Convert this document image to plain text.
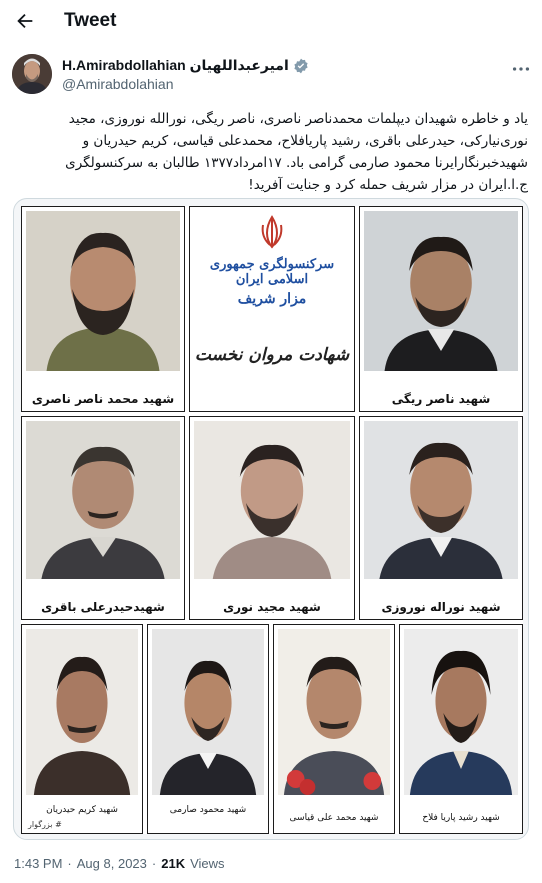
Tweet
H.Amirabdollahian امیرعبداللهیان
@Amirabdolahian
یاد و خاطره شهیدان دیپلمات محمدناصر ناصری، ناصر ریگی، نورالله نوروزی، مجید نوری‌نیارکی، حیدرعلی باقری، رشید پاریافلاح، محمدعلی قیاسی، کریم حیدریان و شهیدخبرنگارایرنا محمود صارمی گرامی باد. ۱۷امرداد۱۳۷۷ طالبان به سرکنسولگری ج.ا.ایران در مزار شریف حمله کرد و جنایت آفرید!
شهید محمد ناصر ناصری
سرکنسولگری جمهوری اسلامی ایران
مزار شریف
شهادت مروان نخست
شهید ناصر ریگی
شهیدحیدرعلی باقری	شهید مجید نوری	شهید نوراله نوروزی
شهید کریم حیدریان
# بزرگوار
شهید محمود صارمی
شهید محمد علی قیاسی	شهید رشید پاریا فلاح
1:43 PM · Aug 8, 2023 · 21K Views
